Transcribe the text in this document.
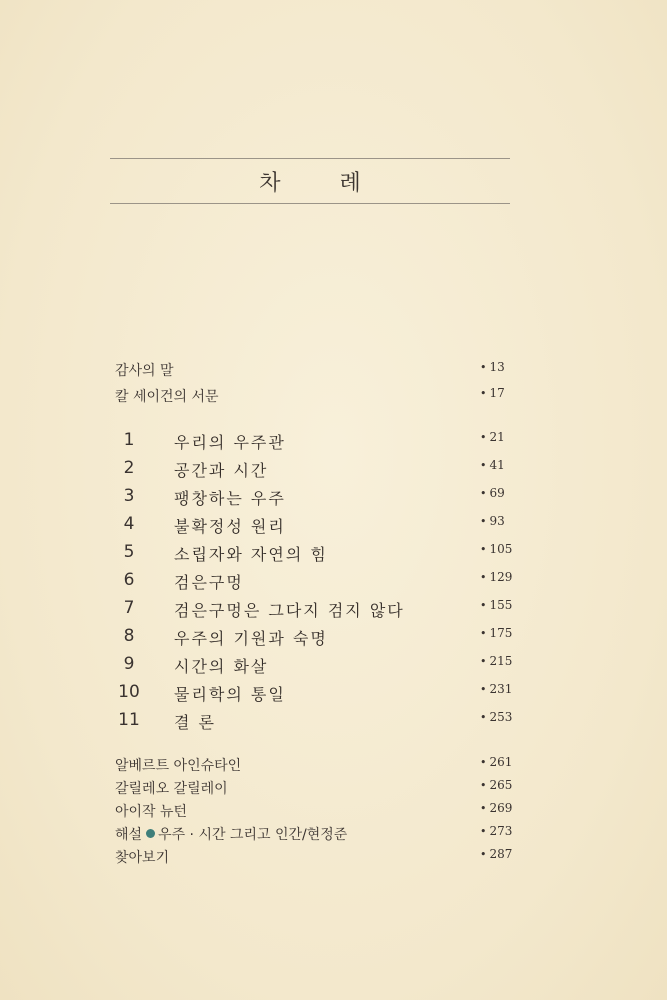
차 례
감사의 말	• 13
칼 세이건의 서문	• 17
1	우리의 우주관	• 21
2	공간과 시간	• 41
3	팽창하는 우주	• 69
4	불확정성 원리	• 93
5	소립자와 자연의 힘	• 105
6	검은구멍	• 129
7	검은구멍은 그다지 검지 않다	• 155
8	우주의 기원과 숙명	• 175
9	시간의 화살	• 215
10 물리학의 통일	• 231
11 결 론	• 253
알베르트 아인슈타인	• 261
갈릴레오 갈릴레이	• 265
아이작 뉴턴	• 269
해설 우주 · 시간 그리고 인간/현정준	• 273
찾아보기	• 287
